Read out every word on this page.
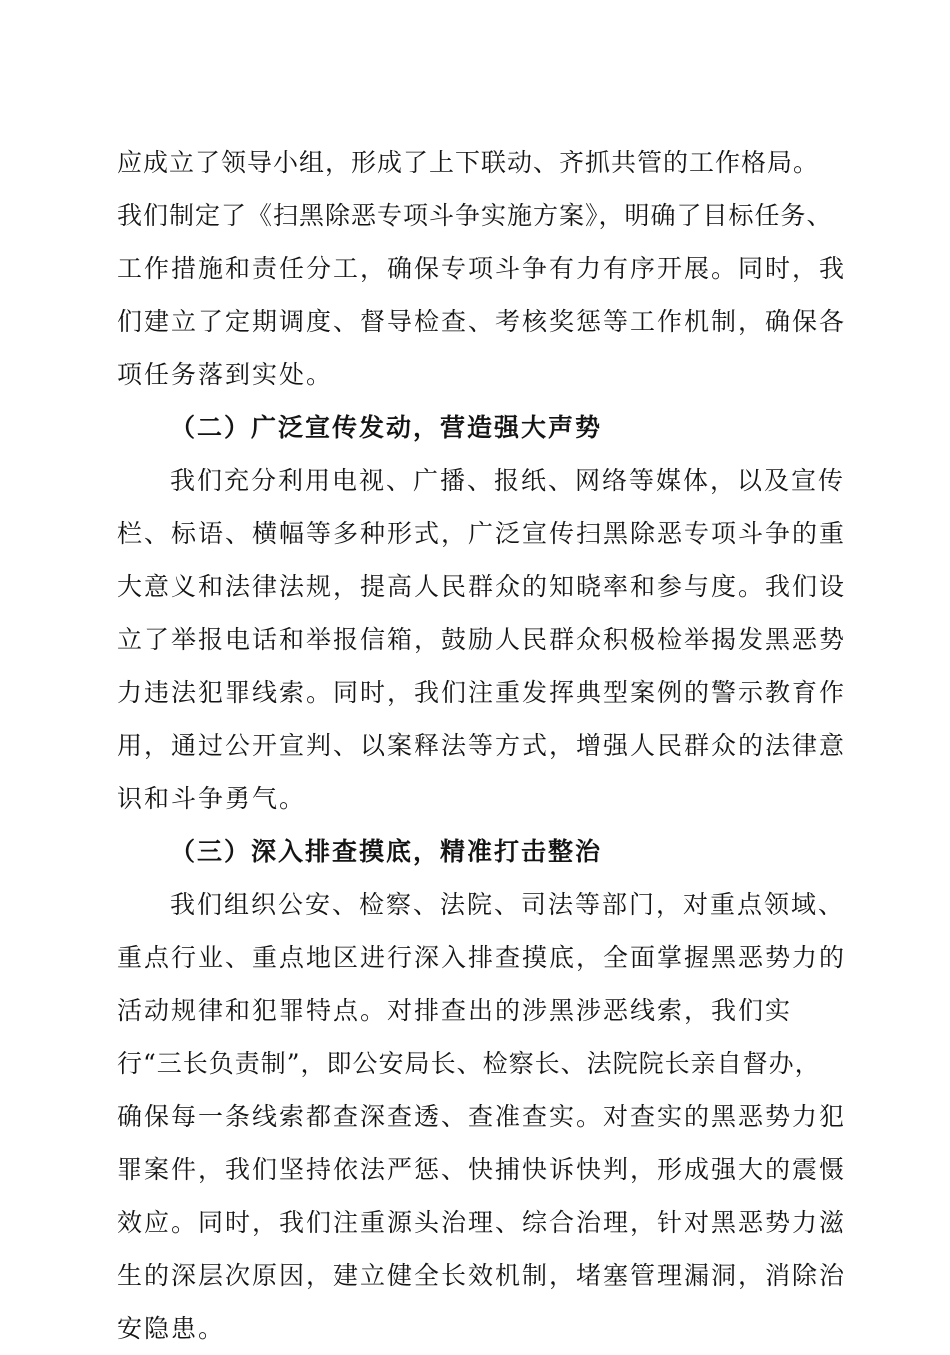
应成立了领导小组，形成了上下联动、齐抓共管的工作格局。
我们制定了《扫黑除恶专项斗争实施方案》，明确了目标任务、
工作措施和责任分工，确保专项斗争有力有序开展。同时，我
们建立了定期调度、督导检查、考核奖惩等工作机制，确保各
项任务落到实处。
（二）广泛宣传发动，营造强大声势
我们充分利用电视、广播、报纸、网络等媒体，以及宣传
栏、标语、横幅等多种形式，广泛宣传扫黑除恶专项斗争的重
大意义和法律法规，提高人民群众的知晓率和参与度。我们设
立了举报电话和举报信箱，鼓励人民群众积极检举揭发黑恶势
力违法犯罪线索。同时，我们注重发挥典型案例的警示教育作
用，通过公开宣判、以案释法等方式，增强人民群众的法律意
识和斗争勇气。
（三）深入排查摸底，精准打击整治
我们组织公安、检察、法院、司法等部门，对重点领域、
重点行业、重点地区进行深入排查摸底，全面掌握黑恶势力的
活动规律和犯罪特点。对排查出的涉黑涉恶线索，我们实
行“三长负责制”，即公安局长、检察长、法院院长亲自督办，
确保每一条线索都查深查透、查准查实。对查实的黑恶势力犯
罪案件，我们坚持依法严惩、快捕快诉快判，形成强大的震慑
效应。同时，我们注重源头治理、综合治理，针对黑恶势力滋
生的深层次原因，建立健全长效机制，堵塞管理漏洞，消除治
安隐患。
